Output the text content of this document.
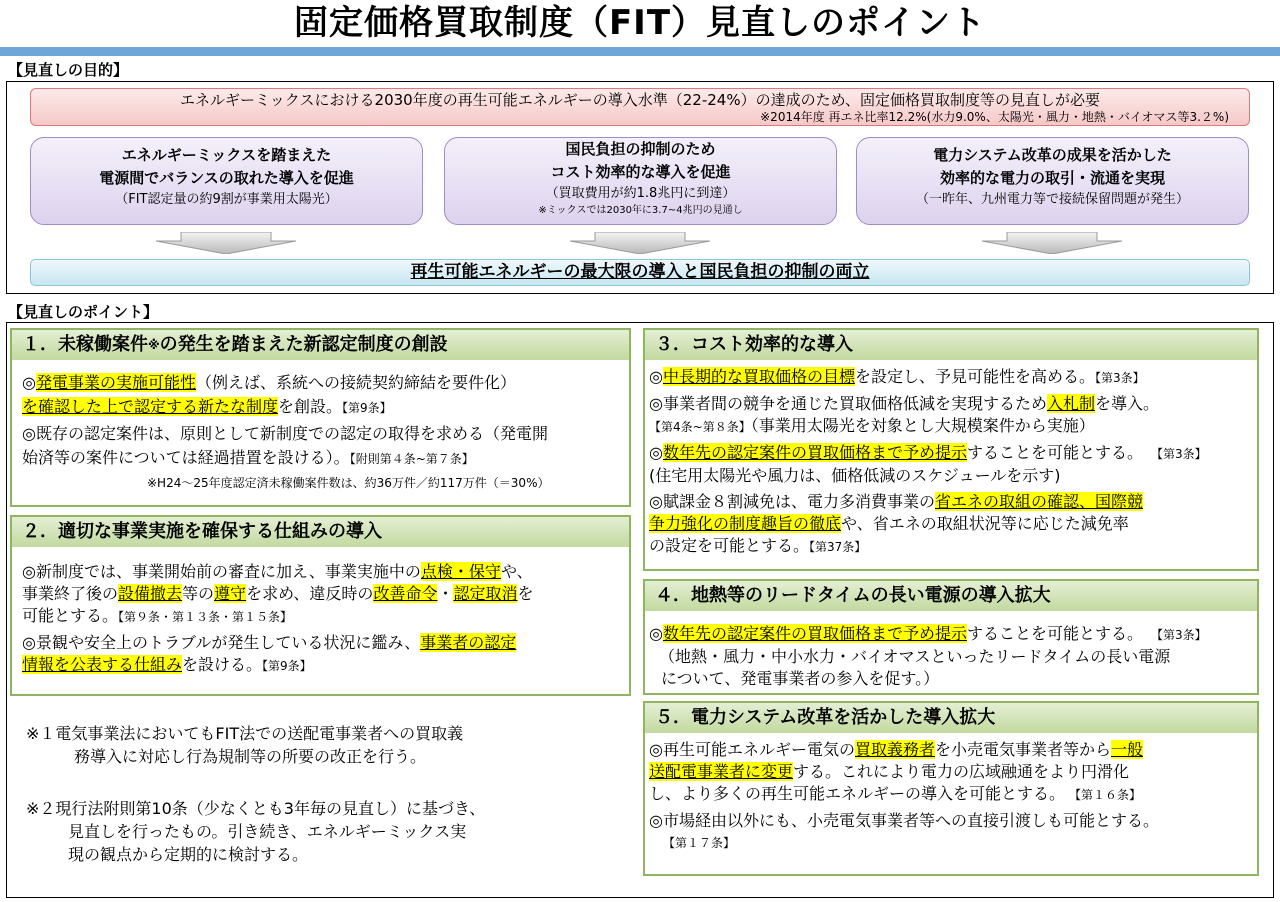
固定価格買取制度（FIT）見直しのポイント
【見直しの目的】
エネルギーミックスにおける2030年度の再生可能エネルギーの導入水準（22-24%）の達成のため、固定価格買取制度等の見直しが必要
※2014年度 再エネ比率12.2%(水力9.0%、太陽光・風力・地熱・バイオマス等3.２%)
エネルギーミックスを踏まえた
電源間でバランスの取れた導入を促進
（FIT認定量の約9割が事業用太陽光）
国民負担の抑制のため
コスト効率的な導入を促進
（買取費用が約1.8兆円に到達）
※ミックスでは2030年に3.7~4兆円の見通し
電力システム改革の成果を活かした
効率的な電力の取引・流通を実現
（一昨年、九州電力等で接続保留問題が発生）
再生可能エネルギーの最大限の導入と国民負担の抑制の両立
【見直しのポイント】
１．未稼働案件※の発生を踏まえた新認定制度の創設
◎発電事業の実施可能性（例えば、系統への接続契約締結を要件化）
を確認した上で認定する新たな制度を創設。【第9条】
◎既存の認定案件は、原則として新制度での認定の取得を求める（発電開
始済等の案件については経過措置を設ける）。【附則第４条~第７条】
※H24～25年度認定済未稼働案件数は、約36万件／約117万件（＝30%）
２．適切な事業実施を確保する仕組みの導入
◎新制度では、事業開始前の審査に加え、事業実施中の点検・保守や、
事業終了後の設備撤去等の遵守を求め、違反時の改善命令・認定取消を
可能とする。【第９条・第１３条・第１５条】
◎景観や安全上のトラブルが発生している状況に鑑み、事業者の認定
情報を公表する仕組みを設ける。【第9条】
※１電気事業法においてもFIT法での送配電事業者への買取義
務導入に対応し行為規制等の所要の改正を行う。
※２現行法附則第10条（少なくとも3年毎の見直し）に基づき、
見直しを行ったもの。引き続き、エネルギーミックス実
現の観点から定期的に検討する。
３．コスト効率的な導入
◎中長期的な買取価格の目標を設定し、予見可能性を高める。【第3条】
◎事業者間の競争を通じた買取価格低減を実現するため入札制を導入。
【第4条~第８条】（事業用太陽光を対象とし大規模案件から実施）
◎数年先の認定案件の買取価格まで予め提示することを可能とする。 【第3条】
(住宅用太陽光や風力は、価格低減のスケジュールを示す)
◎賦課金８割減免は、電力多消費事業の省エネの取組の確認、国際競
争力強化の制度趣旨の徹底や、省エネの取組状況等に応じた減免率
の設定を可能とする。【第37条】
４．地熱等のリードタイムの長い電源の導入拡大
◎数年先の認定案件の買取価格まで予め提示することを可能とする。 【第3条】
（地熱・風力・中小水力・バイオマスといったリードタイムの長い電源
について、発電事業者の参入を促す。）
５．電力システム改革を活かした導入拡大
◎再生可能エネルギー電気の買取義務者を小売電気事業者等から一般
送配電事業者に変更する。これにより電力の広域融通をより円滑化
し、より多くの再生可能エネルギーの導入を可能とする。 【第１６条】
◎市場経由以外にも、小売電気事業者等への直接引渡しも可能とする。
【第１７条】
